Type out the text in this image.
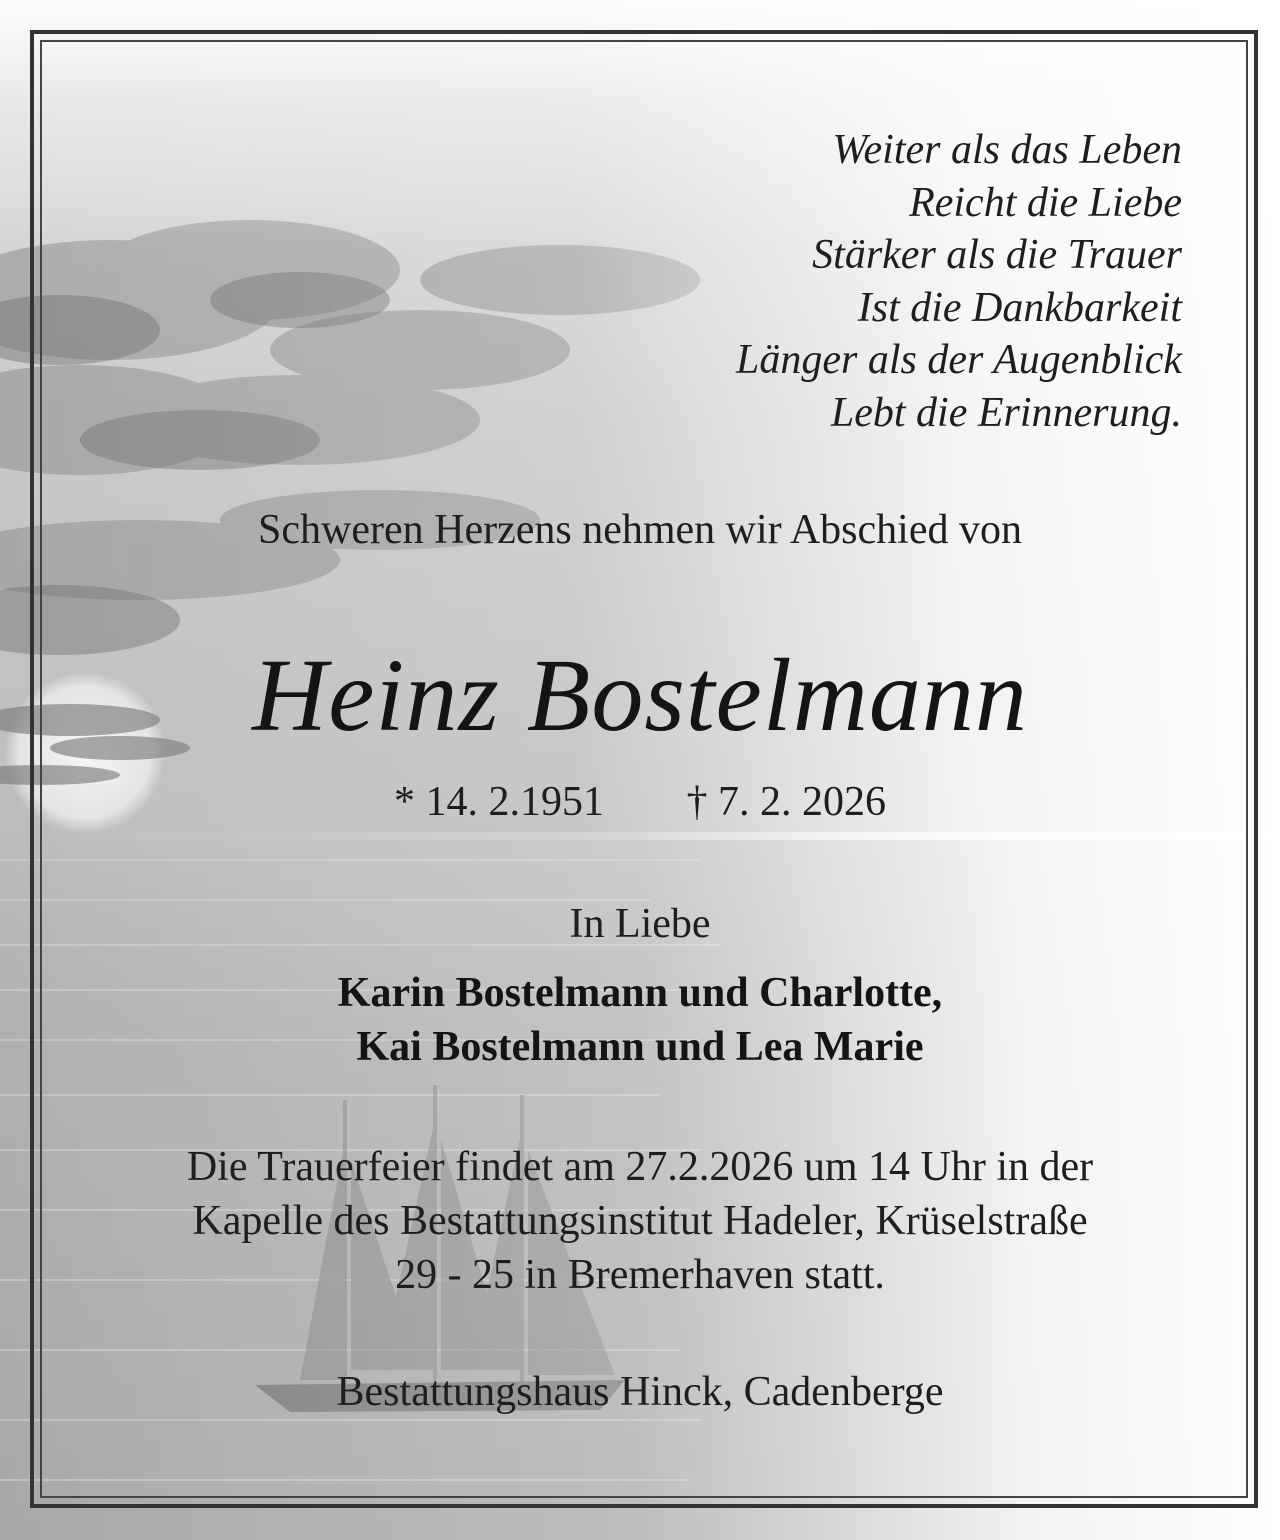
Weiter als das Leben
Reicht die Liebe
Stärker als die Trauer
Ist die Dankbarkeit
Länger als der Augenblick
Lebt die Erinnerung.
Schweren Herzens nehmen wir Abschied von
Heinz Bostelmann
* 14. 2.1951 † 7. 2. 2026
In Liebe
Karin Bostelmann und Charlotte,
Kai Bostelmann und Lea Marie
Die Trauerfeier findet am 27.2.2026 um 14 Uhr in der
Kapelle des Bestattungsinstitut Hadeler, Krüselstraße
29 - 25 in Bremerhaven statt.
Bestattungshaus Hinck, Cadenberge
